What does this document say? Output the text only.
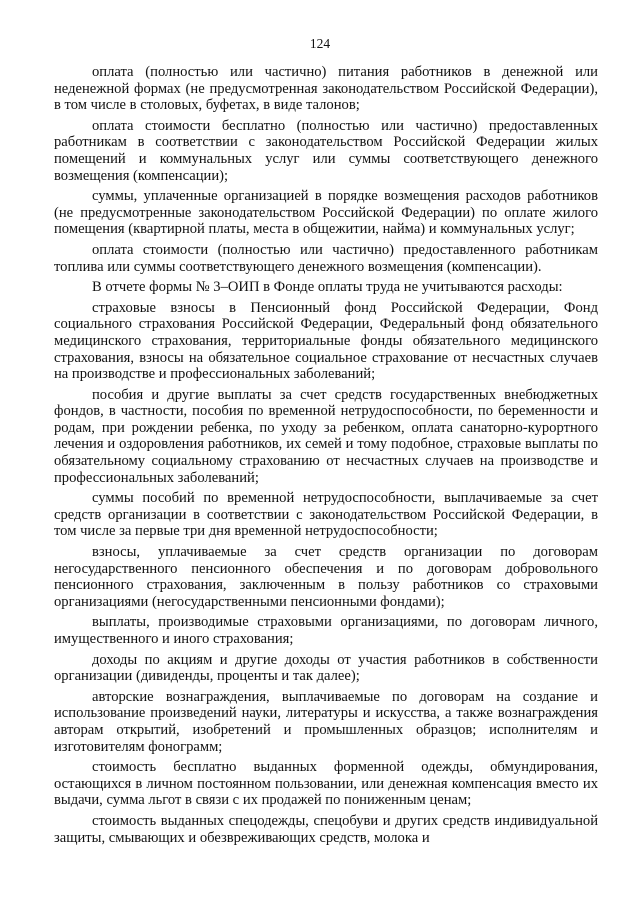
124

оплата (полностью или частично) питания работников в денежной или неденежной формах (не предусмотренная законодательством Российской Федерации), в том числе в столовых, буфетах, в виде талонов;

оплата стоимости бесплатно (полностью или частично) предоставленных работникам в соответствии с законодательством Российской Федерации жилых помещений и коммунальных услуг или суммы соответствующего денежного возмещения (компенсации);

суммы, уплаченные организацией в порядке возмещения расходов работников (не предусмотренные законодательством Российской Федерации) по оплате жилого помещения (квартирной платы, места в общежитии, найма) и коммунальных услуг;

оплата стоимости (полностью или частично) предоставленного работникам топлива или суммы соответствующего денежного возмещения (компенсации).

В отчете формы № 3–ОИП в Фонде оплаты труда не учитываются расходы:

страховые взносы в Пенсионный фонд Российской Федерации, Фонд социального страхования Российской Федерации, Федеральный фонд обязательного медицинского страхования, территориальные фонды обязательного медицинского страхования, взносы на обязательное социальное страхование от несчастных случаев на производстве и профессиональных заболеваний;

пособия и другие выплаты за счет средств государственных внебюджетных фондов, в частности, пособия по временной нетрудоспособности, по беременности и родам, при рождении ребенка, по уходу за ребенком, оплата санаторно-курортного лечения и оздоровления работников, их семей и тому подобное, страховые выплаты по обязательному социальному страхованию от несчастных случаев на производстве и профессиональных заболеваний;

суммы пособий по временной нетрудоспособности, выплачиваемые за счет средств организации в соответствии с законодательством Российской Федерации, в том числе за первые три дня временной нетрудоспособности;

взносы, уплачиваемые за счет средств организации по договорам негосударственного пенсионного обеспечения и по договорам добровольного пенсионного страхования, заключенным в пользу работников со страховыми организациями (негосударственными пенсионными фондами);

выплаты, производимые страховыми организациями, по договорам личного, имущественного и иного страхования;

доходы по акциям и другие доходы от участия работников в собственности организации (дивиденды, проценты и так далее);

авторские вознаграждения, выплачиваемые по договорам на создание и использование произведений науки, литературы и искусства, а также вознаграждения авторам открытий, изобретений и промышленных образцов; исполнителям и изготовителям фонограмм;

стоимость бесплатно выданных форменной одежды, обмундирования, остающихся в личном постоянном пользовании, или денежная компенсация вместо их выдачи, сумма льгот в связи с их продажей по пониженным ценам;

стоимость выданных спецодежды, спецобуви и других средств индивидуальной защиты, смывающих и обезвреживающих средств, молока и
